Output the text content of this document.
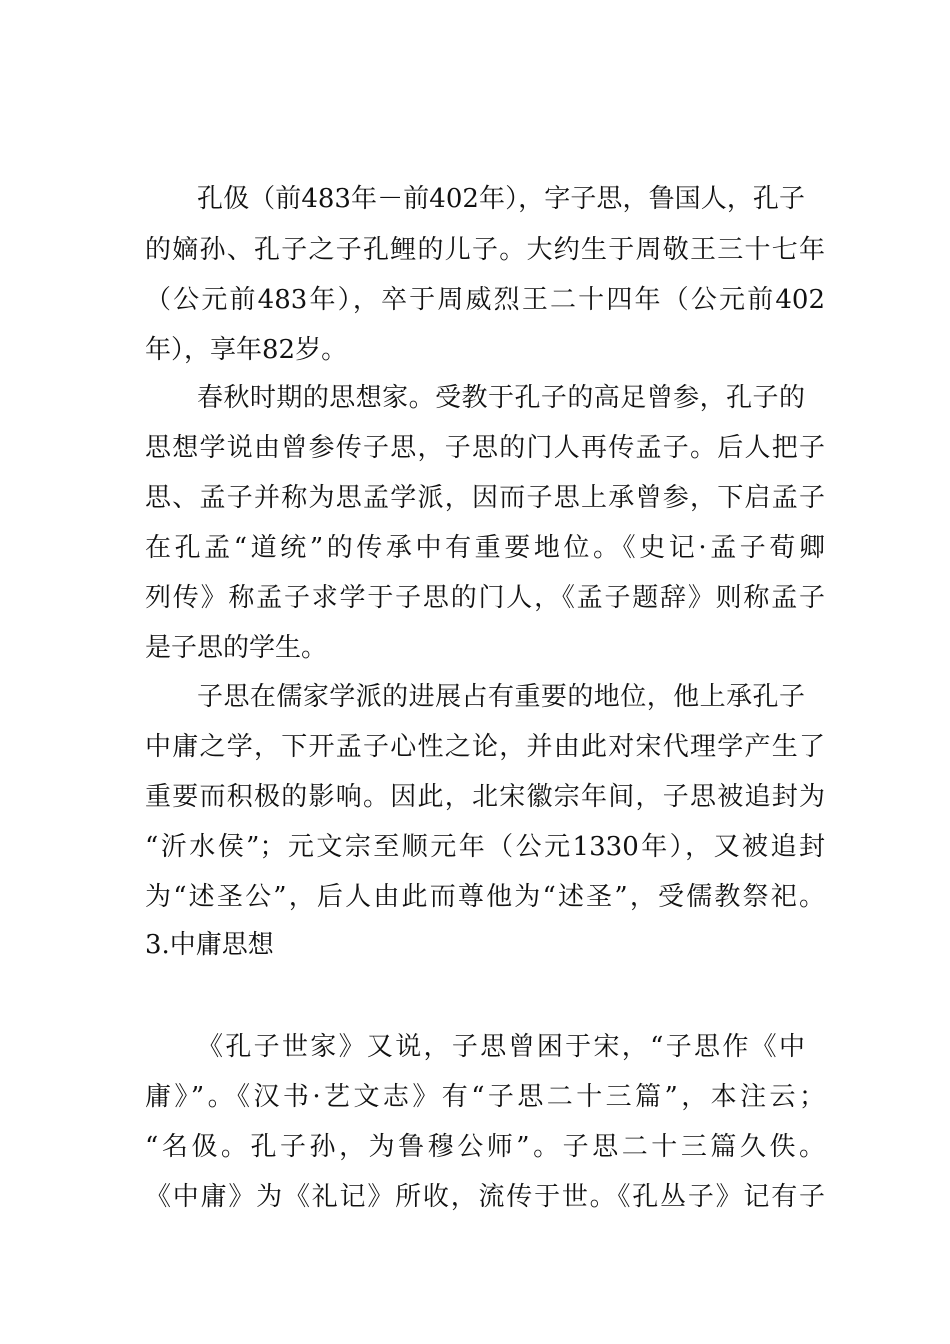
孔伋（前483年－前402年），字子思，鲁国人，孔子
的嫡孙、孔子之子孔鲤的儿子。大约生于周敬王三十七年
（公元前483年），卒于周威烈王二十四年（公元前402
年），享年82岁。
春秋时期的思想家。受教于孔子的高足曾参，孔子的
思想学说由曾参传子思，子思的门人再传孟子。后人把子
思、孟子并称为思孟学派，因而子思上承曾参，下启孟子
在孔孟“道统”的传承中有重要地位。《史记·孟子荀卿
列传》称孟子求学于子思的门人，《孟子题辞》则称孟子
是子思的学生。
子思在儒家学派的进展占有重要的地位，他上承孔子
中庸之学，下开孟子心性之论，并由此对宋代理学产生了
重要而积极的影响。因此，北宋徽宗年间，子思被追封为
“沂水侯”；元文宗至顺元年（公元1330年），又被追封
为“述圣公”，后人由此而尊他为“述圣”，受儒教祭祀。
3.中庸思想
《孔子世家》又说，子思曾困于宋，“子思作《中
庸》”。《汉书·艺文志》有“子思二十三篇”，本注云；
“名伋。孔子孙，为鲁穆公师”。子思二十三篇久佚。
《中庸》为《礼记》所收，流传于世。《孔丛子》记有子
